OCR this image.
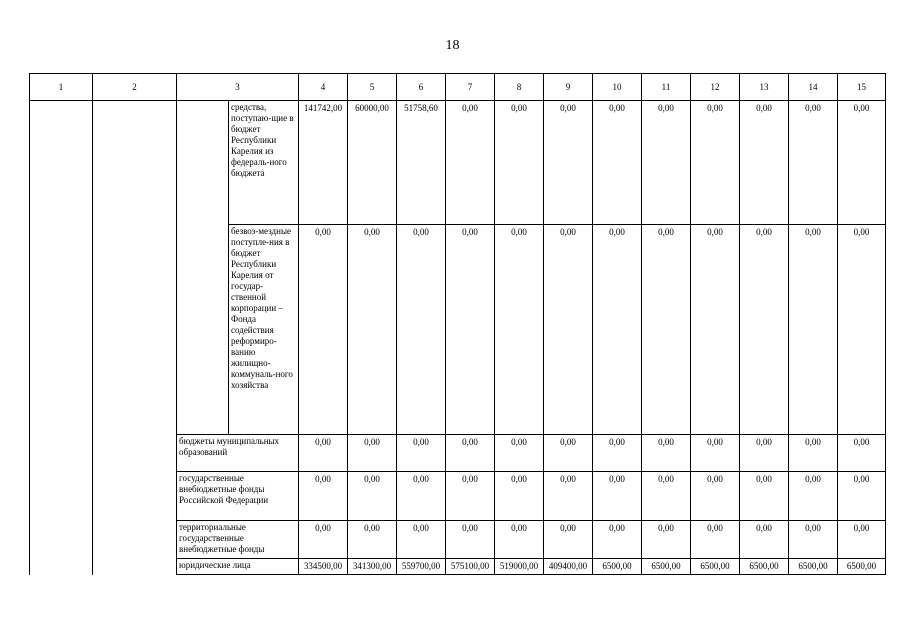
18
1	2	3		4	5	6	7	8	9	10	11	12	13	14	15
			средства, поступаю-щие в бюджет Республики Карелия из федераль-ного бюджета	141742,00	60000,00	51758,60	0,00	0,00	0,00	0,00	0,00	0,00	0,00	0,00	0,00
			безвоз-мездные поступле-ния в бюджет Республики Карелия от государ-ственной корпорации – Фонда содействия реформиро-ванию жилищно-коммуналь-ного хозяйства	0,00	0,00	0,00	0,00	0,00	0,00	0,00	0,00	0,00	0,00	0,00	0,00
		бюджеты муниципальных образований		0,00	0,00	0,00	0,00	0,00	0,00	0,00	0,00	0,00	0,00	0,00	0,00
		государственные внебюджетные фонды Российской Федерации		0,00	0,00	0,00	0,00	0,00	0,00	0,00	0,00	0,00	0,00	0,00	0,00
		территориальные государственные внебюджетные фонды		0,00	0,00	0,00	0,00	0,00	0,00	0,00	0,00	0,00	0,00	0,00	0,00
		юридические лица		334500,00	341300,00	559700,00	575100,00	519000,00	409400,00	6500,00	6500,00	6500,00	6500,00	6500,00	6500,00
